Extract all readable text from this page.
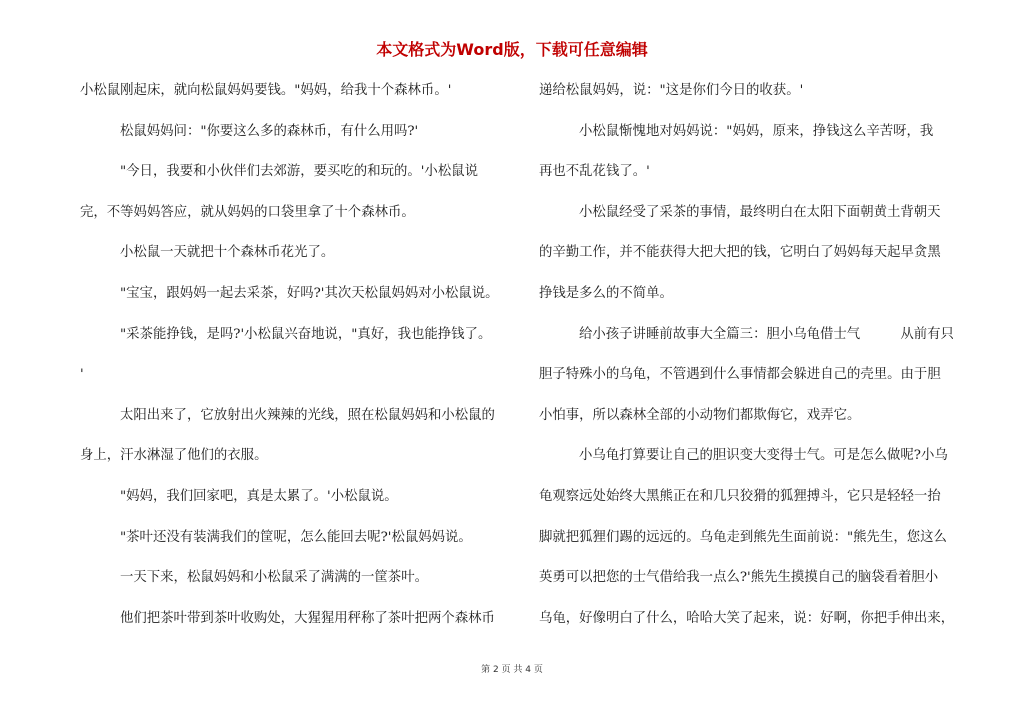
本文格式为Word版，下载可任意编辑
小松鼠刚起床，就向松鼠妈妈要钱。"妈妈，给我十个森林币。'
松鼠妈妈问："你要这么多的森林币，有什么用吗?'
"今日，我要和小伙伴们去郊游，要买吃的和玩的。'小松鼠说
完，不等妈妈答应，就从妈妈的口袋里拿了十个森林币。
小松鼠一天就把十个森林币花光了。
"宝宝，跟妈妈一起去采茶，好吗?'其次天松鼠妈妈对小松鼠说。
"采茶能挣钱，是吗?'小松鼠兴奋地说，"真好，我也能挣钱了。
'
太阳出来了，它放射出火辣辣的光线，照在松鼠妈妈和小松鼠的
身上，汗水淋湿了他们的衣服。
"妈妈，我们回家吧，真是太累了。'小松鼠说。
"茶叶还没有装满我们的筐呢，怎么能回去呢?'松鼠妈妈说。
一天下来，松鼠妈妈和小松鼠采了满满的一筐茶叶。
他们把茶叶带到茶叶收购处，大猩猩用秤称了茶叶把两个森林币
递给松鼠妈妈，说："这是你们今日的收获。'
小松鼠惭愧地对妈妈说："妈妈，原来，挣钱这么辛苦呀，我
再也不乱花钱了。'
小松鼠经受了采茶的事情，最终明白在太阳下面朝黄土背朝天
的辛勤工作，并不能获得大把大把的钱，它明白了妈妈每天起早贪黑
挣钱是多么的不简单。
给小孩子讲睡前故事大全篇三：胆小乌龟借士气　　　从前有只
胆子特殊小的乌龟，不管遇到什么事情都会躲进自己的壳里。由于胆
小怕事，所以森林全部的小动物们都欺侮它，戏弄它。
小乌龟打算要让自己的胆识变大变得士气。可是怎么做呢?小乌
龟观察远处始终大黑熊正在和几只狡猾的狐狸搏斗，它只是轻轻一抬
脚就把狐狸们踢的远远的。乌龟走到熊先生面前说："熊先生，您这么
英勇可以把您的士气借给我一点么?'熊先生摸摸自己的脑袋看着胆小
乌龟，好像明白了什么，哈哈大笑了起来，说：好啊，你把手伸出来，
第 2 页 共 4 页
